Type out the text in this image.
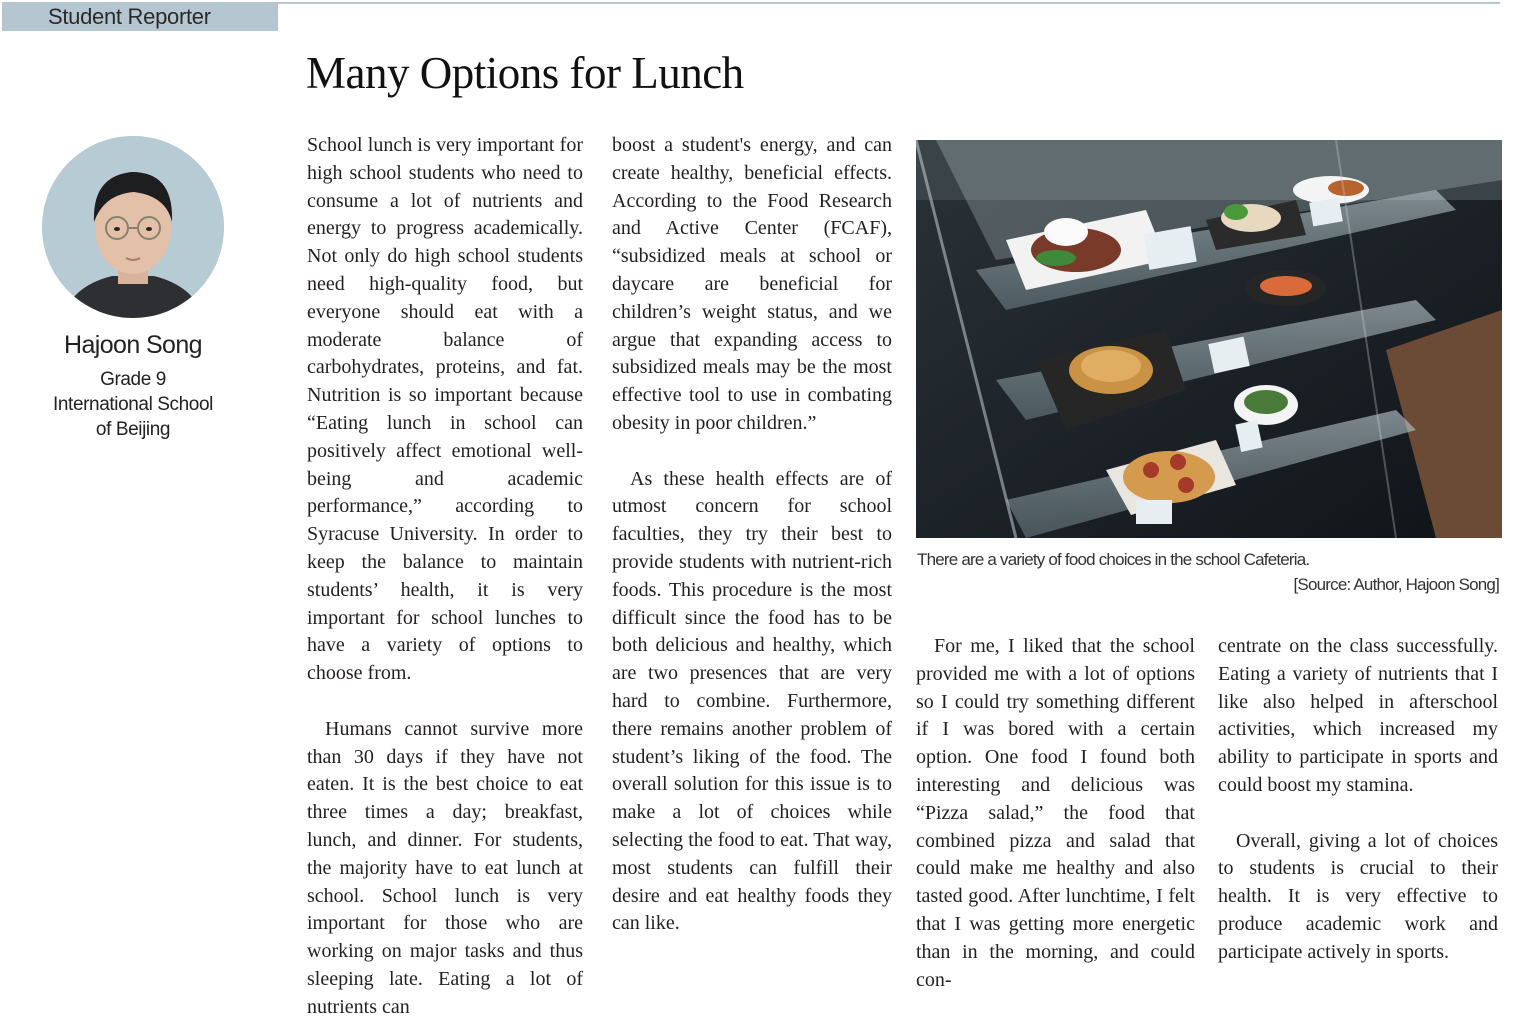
Student Reporter
Many Options for Lunch
Hajoon Song
Grade 9
International School
of Beijing

School lunch is very important for high school students who need to consume a lot of nutrients and energy to progress academically. Not only do high school students need high-quality food, but everyone should eat with a moderate balance of carbohydrates, proteins, and fat. Nutrition is so important because “Eating lunch in school can positively affect emotional well-being and academic performance,” according to Syracuse University. In order to keep the balance to maintain students’ health, it is very important for school lunches to have a variety of options to choose from.

Humans cannot survive more than 30 days if they have not eaten. It is the best choice to eat three times a day; breakfast, lunch, and dinner. For students, the majority have to eat lunch at school. School lunch is very important for those who are working on major tasks and thus sleeping late. Eating a lot of nutrients can

boost a student's energy, and can create healthy, beneficial effects. According to the Food Research and Active Center (FCAF), “subsidized meals at school or daycare are beneficial for children’s weight status, and we argue that expanding access to subsidized meals may be the most effective tool to use in combating obesity in poor children.”

As these health effects are of utmost concern for school faculties, they try their best to provide students with nutrient-rich foods. This procedure is the most difficult since the food has to be both delicious and healthy, which are two presences that are very hard to combine. Furthermore, there remains another problem of student’s liking of the food. The overall solution for this issue is to make a lot of choices while selecting the food to eat. That way, most students can fulfill their desire and eat healthy foods they can like.

There are a variety of food choices in the school Cafeteria.
[Source: Author, Hajoon Song]

For me, I liked that the school provided me with a lot of options so I could try something different if I was bored with a certain option. One food I found both interesting and delicious was “Pizza salad,” the food that combined pizza and salad that could make me healthy and also tasted good. After lunchtime, I felt that I was getting more energetic than in the morning, and could con-

centrate on the class successfully. Eating a variety of nutrients that I like also helped in afterschool activities, which increased my ability to participate in sports and could boost my stamina.

Overall, giving a lot of choices to students is crucial to their health. It is very effective to produce academic work and participate actively in sports.
